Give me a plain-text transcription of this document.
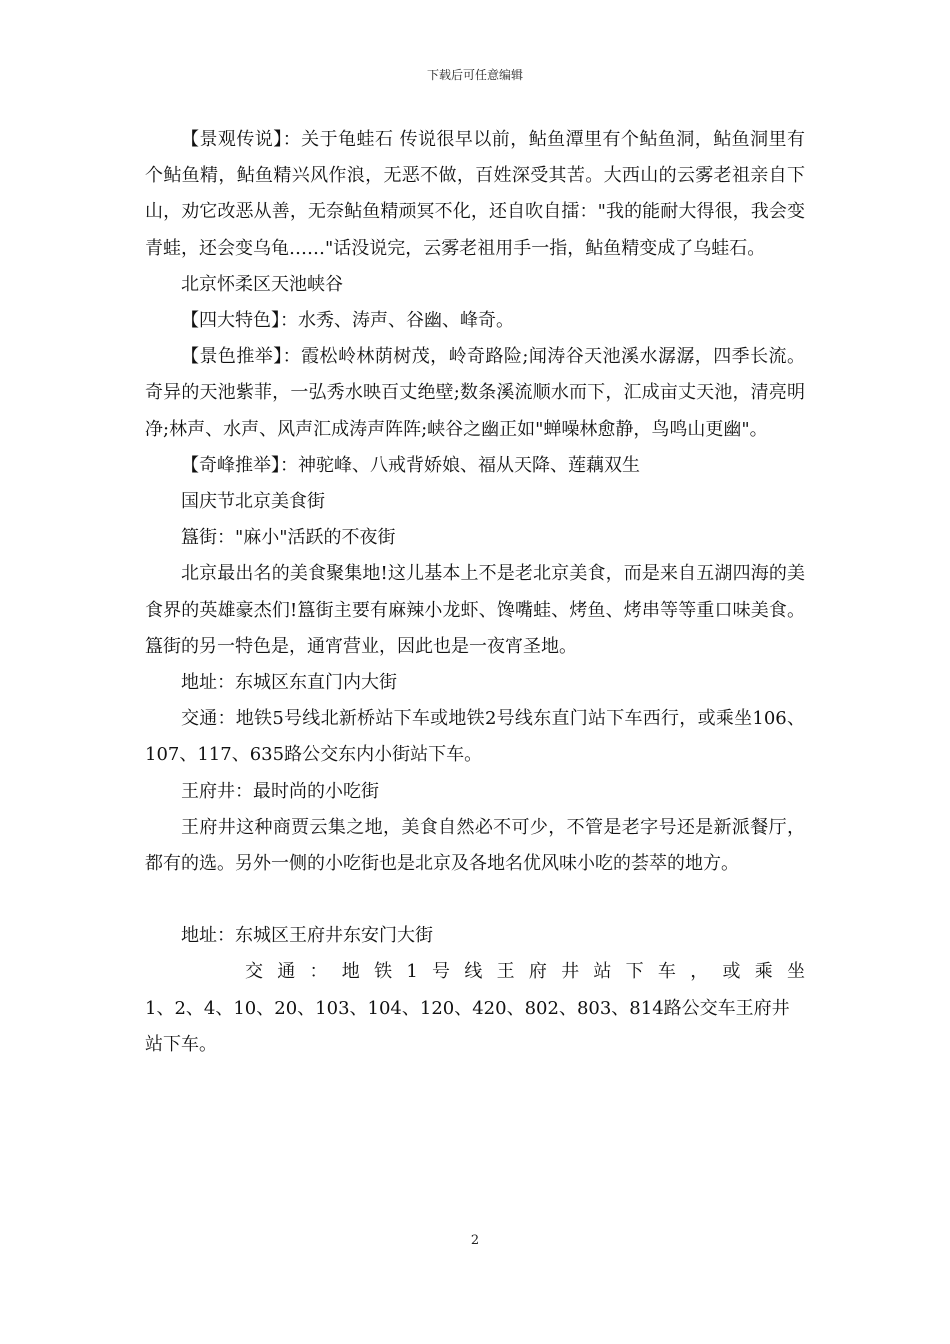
下载后可任意编辑

【景观传说】：关于龟蛙石 传说很早以前，鲇鱼潭里有个鲇鱼洞，鲇鱼洞里有个鲇鱼精，鲇鱼精兴风作浪，无恶不做，百姓深受其苦。大西山的云雾老祖亲自下山，劝它改恶从善，无奈鲇鱼精顽冥不化，还自吹自擂："我的能耐大得很，我会变青蛙，还会变乌龟……"话没说完，云雾老祖用手一指，鲇鱼精变成了乌蛙石。

北京怀柔区天池峡谷

【四大特色】：水秀、涛声、谷幽、峰奇。

【景色推举】：霞松岭林荫树茂，岭奇路险;闻涛谷天池溪水潺潺，四季长流。奇异的天池紫菲，一弘秀水映百丈绝壁;数条溪流顺水而下，汇成亩丈天池，清亮明净;林声、水声、风声汇成涛声阵阵;峡谷之幽正如"蝉噪林愈静，鸟鸣山更幽"。

【奇峰推举】：神驼峰、八戒背娇娘、福从天降、莲藕双生

国庆节北京美食街

簋街："麻小"活跃的不夜街

北京最出名的美食聚集地!这儿基本上不是老北京美食，而是来自五湖四海的美食界的英雄豪杰们!簋街主要有麻辣小龙虾、馋嘴蛙、烤鱼、烤串等等重口味美食。簋街的另一特色是，通宵营业，因此也是一夜宵圣地。

地址：东城区东直门内大街

交通：地铁5号线北新桥站下车或地铁2号线东直门站下车西行，或乘坐106、107、117、635路公交东内小街站下车。

王府井：最时尚的小吃街

王府井这种商贾云集之地，美食自然必不可少，不管是老字号还是新派餐厅，都有的选。另外一侧的小吃街也是北京及各地名优风味小吃的荟萃的地方。

地址：东城区王府井东安门大街

交通：地铁1号线王府井站下车，或乘坐

1、2、4、10、20、103、104、120、420、802、803、814路公交车王府井站下车。

2
